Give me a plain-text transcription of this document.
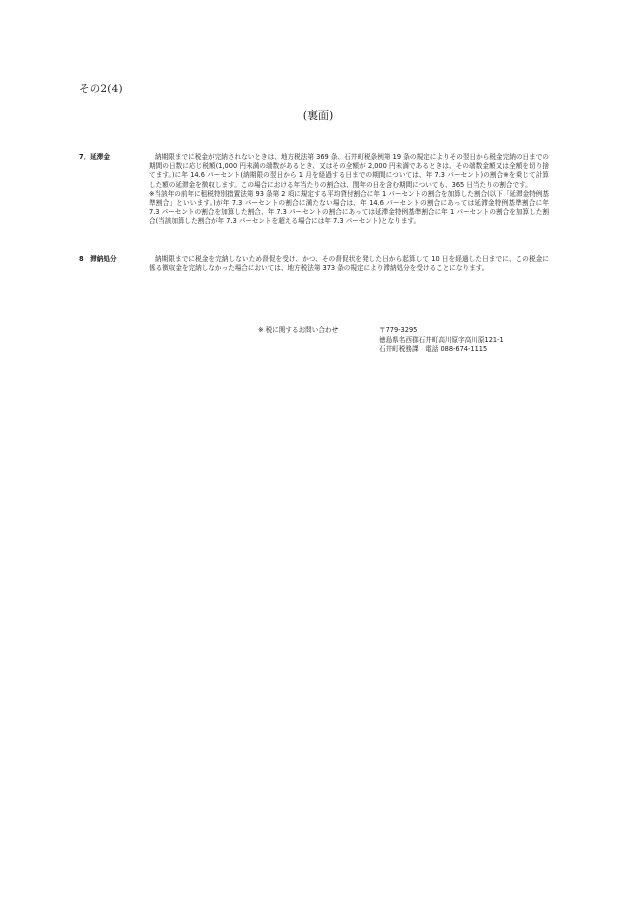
その2(4)
(裏面)
7．延滞金	納期限までに税金が完納されないときは、地方税法第 369 条、石井町税条例第 19 条の規定によりその翌日から税金完納の日までの期間の日数に応じ税額(1,000 円未満の端数があるとき、又はその全額が 2,000 円未満であるときは、その端数金額又は全額を切り捨てます。)に年 14.6 パーセント(納期限の翌日から 1 月を経過する日までの期間については、年 7.3 パーセント)の割合※を乗じて計算した額の延滞金を徴収します。この場合における年当たりの割合は、閏年の日を含む期間についても、365 日当たりの割合です。

※当該年の前年に租税特別措置法第 93 条第 2 項に規定する平均貸付割合に年 1 パーセントの割合を加算した割合(以下「延滞金特例基準割合」といいます。)が年 7.3 パーセントの割合に満たない場合は、年 14.6 パーセントの割合にあっては延滞金特例基準割合に年 7.3 パーセントの割合を加算した割合、年 7.3 パーセントの割合にあっては延滞金特例基準割合に年 1 パーセントの割合を加算した割合(当該加算した割合が年 7.3 パーセントを超える場合には年 7.3 パーセント)となります。

8　滞納処分	納期限までに税金を完納しないため督促を受け、かつ、その督促状を発した日から起算して 10 日を経過した日までに、この税金に係る徴収金を完納しなかった場合においては、地方税法第 373 条の規定により滞納処分を受けることになります。

※ 税に関するお問い合わせ	〒779-3295
徳島県名西郡石井町高川原字高川原121-1
石井町税務課　電話 088-674-1115
